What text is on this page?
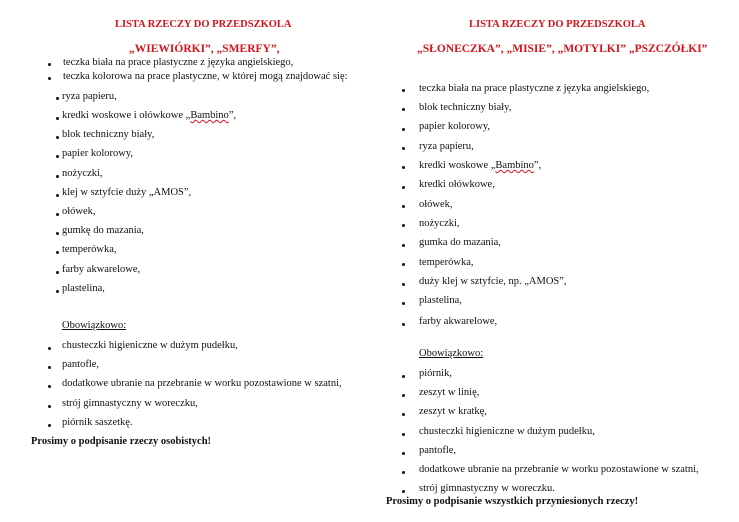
LISTA RZECZY DO PRZEDSZKOLA
„WIEWIÓRKI”, „SMERFY”,
teczka biała na prace plastyczne z języka angielskiego,
teczka kolorowa na prace plastyczne, w której mogą znajdować się:
ryza papieru,
kredki woskowe i ołówkowe „Bambino”,
blok techniczny biały,
papier kolorowy,
nożyczki,
klej w sztyfcie duży „AMOS”,
ołówek,
gumkę do mazania,
temperówka,
farby akwarelowe,
plastelina,
Obowiązkowo:
chusteczki higieniczne w dużym pudełku,
pantofle,
dodatkowe ubranie na przebranie w worku pozostawione w szatni,
strój gimnastyczny w woreczku,
piórnik saszetkę.
Prosimy o podpisanie rzeczy osobistych!
LISTA RZECZY DO PRZEDSZKOLA
„SŁONECZKA”, „MISIE”, „MOTYLKI” „PSZCZÓŁKI”
teczka biała na prace plastyczne z języka angielskiego,
blok techniczny biały,
papier kolorowy,
ryza papieru,
kredki woskowe „Bambino”,
kredki ołówkowe,
ołówek,
nożyczki,
gumka do mazania,
temperówka,
duży klej w sztyfcie, np. „AMOS”,
plastelina,
farby akwarelowe,
Obowiązkowo:
piórnik,
zeszyt w linię,
zeszyt w kratkę,
chusteczki higieniczne w dużym pudełku,
pantofle,
dodatkowe ubranie na przebranie w worku pozostawione w szatni,
strój gimnastyczny w woreczku.
Prosimy o podpisanie wszystkich przyniesionych rzeczy!
